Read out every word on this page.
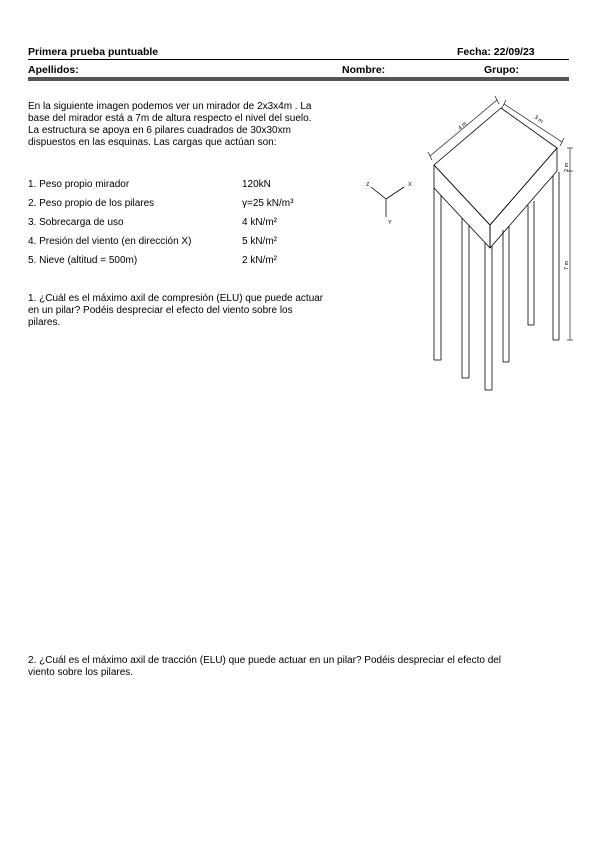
Primera prueba puntuable	Fecha: 22/09/23
Apellidos:	Nombre:	Grupo:
En la siguiente imagen podemos ver un mirador de 2x3x4m . La
base del mirador está a 7m de altura respecto el nivel del suelo.
La estructura se apoya en 6 pilares cuadrados de 30x30xm
dispuestos en las esquinas. Las cargas que actúan son:
1. Peso propio mirador	120kN
2. Peso propio de los pilares	γ=25 kN/m³
3. Sobrecarga de uso	4 kN/m²
4. Presión del viento (en dirección X)	5 kN/m²
5. Nieve (altitud = 500m)	2 kN/m²
1. ¿Cuál es el máximo axil de compresión (ELU) que puede actuar
en un pilar? Podéis despreciar el efecto del viento sobre los
pilares.
2. ¿Cuál es el máximo axil de tracción (ELU) que puede actuar en un pilar? Podéis despreciar el efecto del
viento sobre los pilares.
4 m
3 m
2 m
7 m
Z	X
Y
